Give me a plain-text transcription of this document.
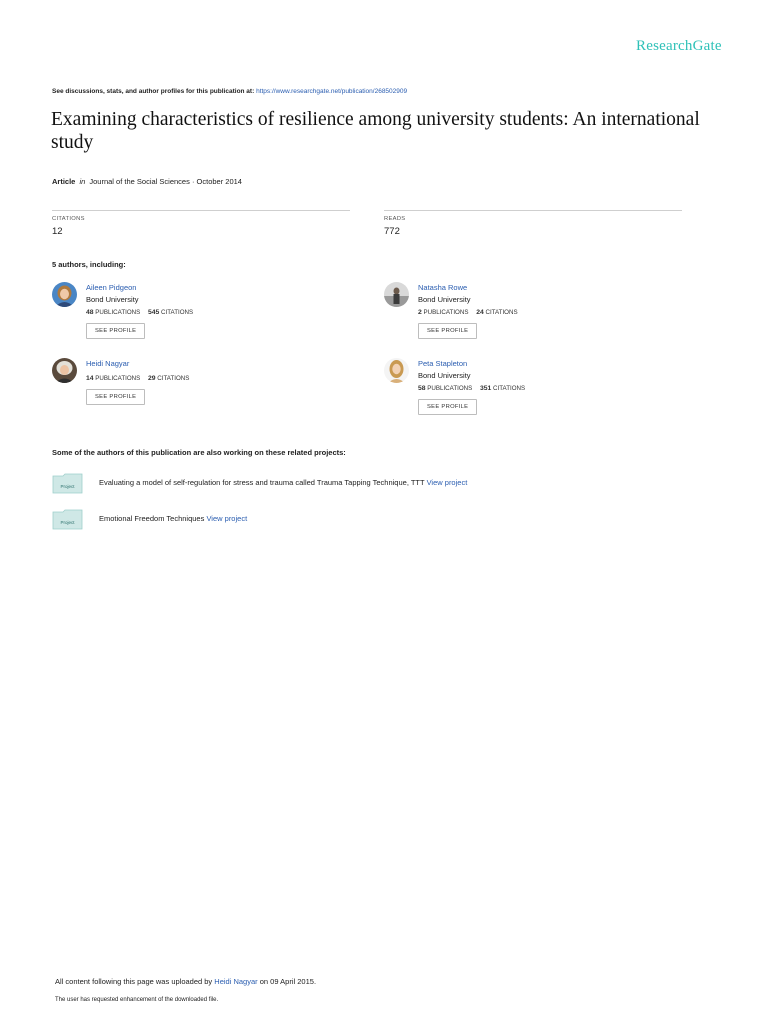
ResearchGate
See discussions, stats, and author profiles for this publication at: https://www.researchgate.net/publication/268502909
Examining characteristics of resilience among university students: An international study
Article in Journal of the Social Sciences · October 2014
CITATIONS
12
READS
772
5 authors, including:
Aileen Pidgeon
Bond University
48 PUBLICATIONS 545 CITATIONS
SEE PROFILE
Natasha Rowe
Bond University
2 PUBLICATIONS 24 CITATIONS
SEE PROFILE
Heidi Nagyar
14 PUBLICATIONS 29 CITATIONS
SEE PROFILE
Peta Stapleton
Bond University
58 PUBLICATIONS 351 CITATIONS
SEE PROFILE
Some of the authors of this publication are also working on these related projects:
Project	Evaluating a model of self-regulation for stress and trauma called Trauma Tapping Technique, TTT View project
Project	Emotional Freedom Techniques View project
All content following this page was uploaded by Heidi Nagyar on 09 April 2015.
The user has requested enhancement of the downloaded file.
